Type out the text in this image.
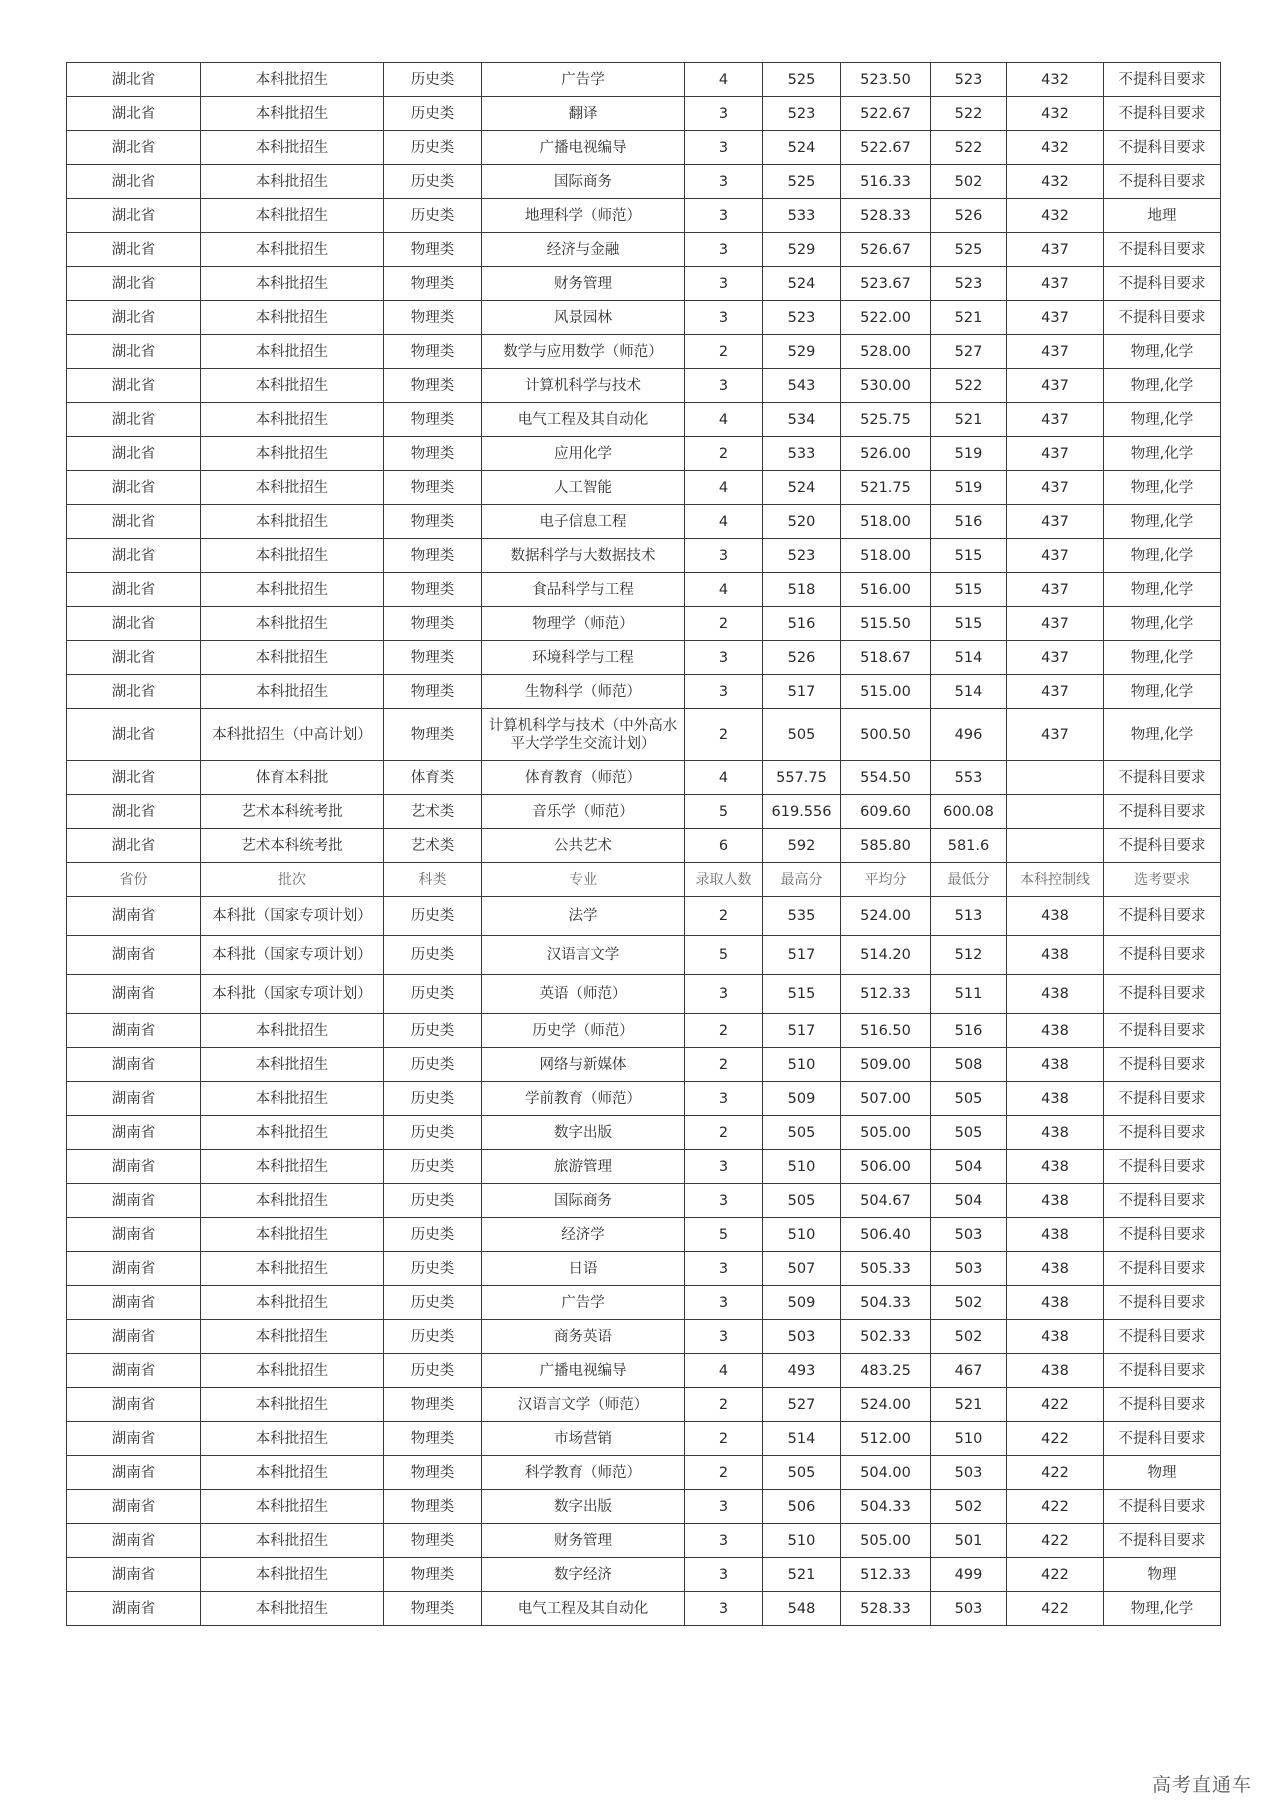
湖北省	本科批招生	历史类	广告学	4	525	523.50	523	432	不提科目要求
湖北省	本科批招生	历史类	翻译	3	523	522.67	522	432	不提科目要求
湖北省	本科批招生	历史类	广播电视编导	3	524	522.67	522	432	不提科目要求
湖北省	本科批招生	历史类	国际商务	3	525	516.33	502	432	不提科目要求
湖北省	本科批招生	历史类	地理科学（师范）	3	533	528.33	526	432	地理
湖北省	本科批招生	物理类	经济与金融	3	529	526.67	525	437	不提科目要求
湖北省	本科批招生	物理类	财务管理	3	524	523.67	523	437	不提科目要求
湖北省	本科批招生	物理类	风景园林	3	523	522.00	521	437	不提科目要求
湖北省	本科批招生	物理类	数学与应用数学（师范）	2	529	528.00	527	437	物理,化学
湖北省	本科批招生	物理类	计算机科学与技术	3	543	530.00	522	437	物理,化学
湖北省	本科批招生	物理类	电气工程及其自动化	4	534	525.75	521	437	物理,化学
湖北省	本科批招生	物理类	应用化学	2	533	526.00	519	437	物理,化学
湖北省	本科批招生	物理类	人工智能	4	524	521.75	519	437	物理,化学
湖北省	本科批招生	物理类	电子信息工程	4	520	518.00	516	437	物理,化学
湖北省	本科批招生	物理类	数据科学与大数据技术	3	523	518.00	515	437	物理,化学
湖北省	本科批招生	物理类	食品科学与工程	4	518	516.00	515	437	物理,化学
湖北省	本科批招生	物理类	物理学（师范）	2	516	515.50	515	437	物理,化学
湖北省	本科批招生	物理类	环境科学与工程	3	526	518.67	514	437	物理,化学
湖北省	本科批招生	物理类	生物科学（师范）	3	517	515.00	514	437	物理,化学
湖北省	本科批招生（中高计划）	物理类	计算机科学与技术（中外高水平大学学生交流计划）	2	505	500.50	496	437	物理,化学
湖北省	体育本科批	体育类	体育教育（师范）	4	557.75	554.50	553		不提科目要求
湖北省	艺术本科统考批	艺术类	音乐学（师范）	5	619.556	609.60	600.08		不提科目要求
湖北省	艺术本科统考批	艺术类	公共艺术	6	592	585.80	581.6		不提科目要求
省份	批次	科类	专业	录取人数	最高分	平均分	最低分	本科控制线	选考要求
湖南省	本科批（国家专项计划）	历史类	法学	2	535	524.00	513	438	不提科目要求
湖南省	本科批（国家专项计划）	历史类	汉语言文学	5	517	514.20	512	438	不提科目要求
湖南省	本科批（国家专项计划）	历史类	英语（师范）	3	515	512.33	511	438	不提科目要求
湖南省	本科批招生	历史类	历史学（师范）	2	517	516.50	516	438	不提科目要求
湖南省	本科批招生	历史类	网络与新媒体	2	510	509.00	508	438	不提科目要求
湖南省	本科批招生	历史类	学前教育（师范）	3	509	507.00	505	438	不提科目要求
湖南省	本科批招生	历史类	数字出版	2	505	505.00	505	438	不提科目要求
湖南省	本科批招生	历史类	旅游管理	3	510	506.00	504	438	不提科目要求
湖南省	本科批招生	历史类	国际商务	3	505	504.67	504	438	不提科目要求
湖南省	本科批招生	历史类	经济学	5	510	506.40	503	438	不提科目要求
湖南省	本科批招生	历史类	日语	3	507	505.33	503	438	不提科目要求
湖南省	本科批招生	历史类	广告学	3	509	504.33	502	438	不提科目要求
湖南省	本科批招生	历史类	商务英语	3	503	502.33	502	438	不提科目要求
湖南省	本科批招生	历史类	广播电视编导	4	493	483.25	467	438	不提科目要求
湖南省	本科批招生	物理类	汉语言文学（师范）	2	527	524.00	521	422	不提科目要求
湖南省	本科批招生	物理类	市场营销	2	514	512.00	510	422	不提科目要求
湖南省	本科批招生	物理类	科学教育（师范）	2	505	504.00	503	422	物理
湖南省	本科批招生	物理类	数字出版	3	506	504.33	502	422	不提科目要求
湖南省	本科批招生	物理类	财务管理	3	510	505.00	501	422	不提科目要求
湖南省	本科批招生	物理类	数字经济	3	521	512.33	499	422	物理
湖南省	本科批招生	物理类	电气工程及其自动化	3	548	528.33	503	422	物理,化学
高考直通车
